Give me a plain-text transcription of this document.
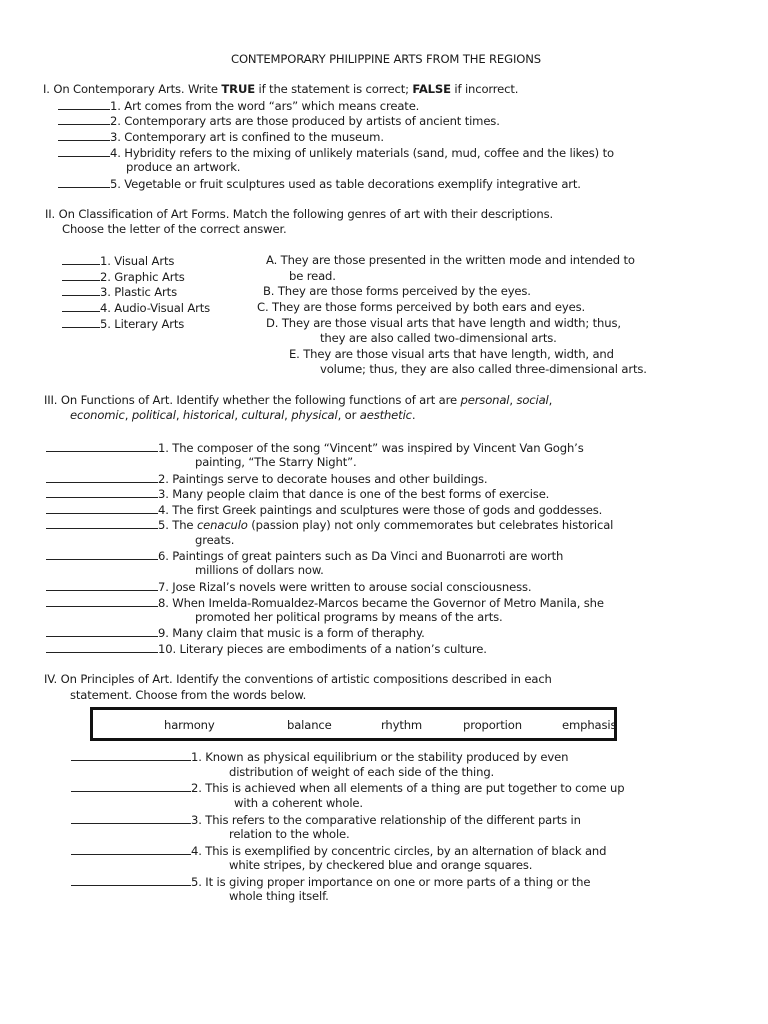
CONTEMPORARY PHILIPPINE ARTS FROM THE REGIONS
I. On Contemporary Arts. Write TRUE if the statement is correct; FALSE if incorrect.
1. Art comes from the word “ars” which means create.
2. Contemporary arts are those produced by artists of ancient times.
3. Contemporary art is confined to the museum.
4. Hybridity refers to the mixing of unlikely materials (sand, mud, coffee and the likes) to
produce an artwork.
5. Vegetable or fruit sculptures used as table decorations exemplify integrative art.
II. On Classification of Art Forms. Match the following genres of art with their descriptions.
Choose the letter of the correct answer.
1. Visual Arts
2. Graphic Arts
3. Plastic Arts
4. Audio-Visual Arts
5. Literary Arts
A. They are those presented in the written mode and intended to
be read.
B. They are those forms perceived by the eyes.
C. They are those forms perceived by both ears and eyes.
D. They are those visual arts that have length and width; thus,
they are also called two-dimensional arts.
E. They are those visual arts that have length, width, and
volume; thus, they are also called three-dimensional arts.
III. On Functions of Art. Identify whether the following functions of art are personal, social,
economic, political, historical, cultural, physical, or aesthetic.
1. The composer of the song “Vincent” was inspired by Vincent Van Gogh’s
painting, “The Starry Night”.
2. Paintings serve to decorate houses and other buildings.
3. Many people claim that dance is one of the best forms of exercise.
4. The first Greek paintings and sculptures were those of gods and goddesses.
5. The cenaculo (passion play) not only commemorates but celebrates historical
greats.
6. Paintings of great painters such as Da Vinci and Buonarroti are worth
millions of dollars now.
7. Jose Rizal’s novels were written to arouse social consciousness.
8. When Imelda-Romualdez-Marcos became the Governor of Metro Manila, she
promoted her political programs by means of the arts.
9. Many claim that music is a form of theraphy.
10. Literary pieces are embodiments of a nation’s culture.
IV. On Principles of Art. Identify the conventions of artistic compositions described in each
statement. Choose from the words below.
harmony	balance	rhythm	proportion	emphasis
1. Known as physical equilibrium or the stability produced by even
distribution of weight of each side of the thing.
2. This is achieved when all elements of a thing are put together to come up
with a coherent whole.
3. This refers to the comparative relationship of the different parts in
relation to the whole.
4. This is exemplified by concentric circles, by an alternation of black and
white stripes, by checkered blue and orange squares.
5. It is giving proper importance on one or more parts of a thing or the
whole thing itself.
